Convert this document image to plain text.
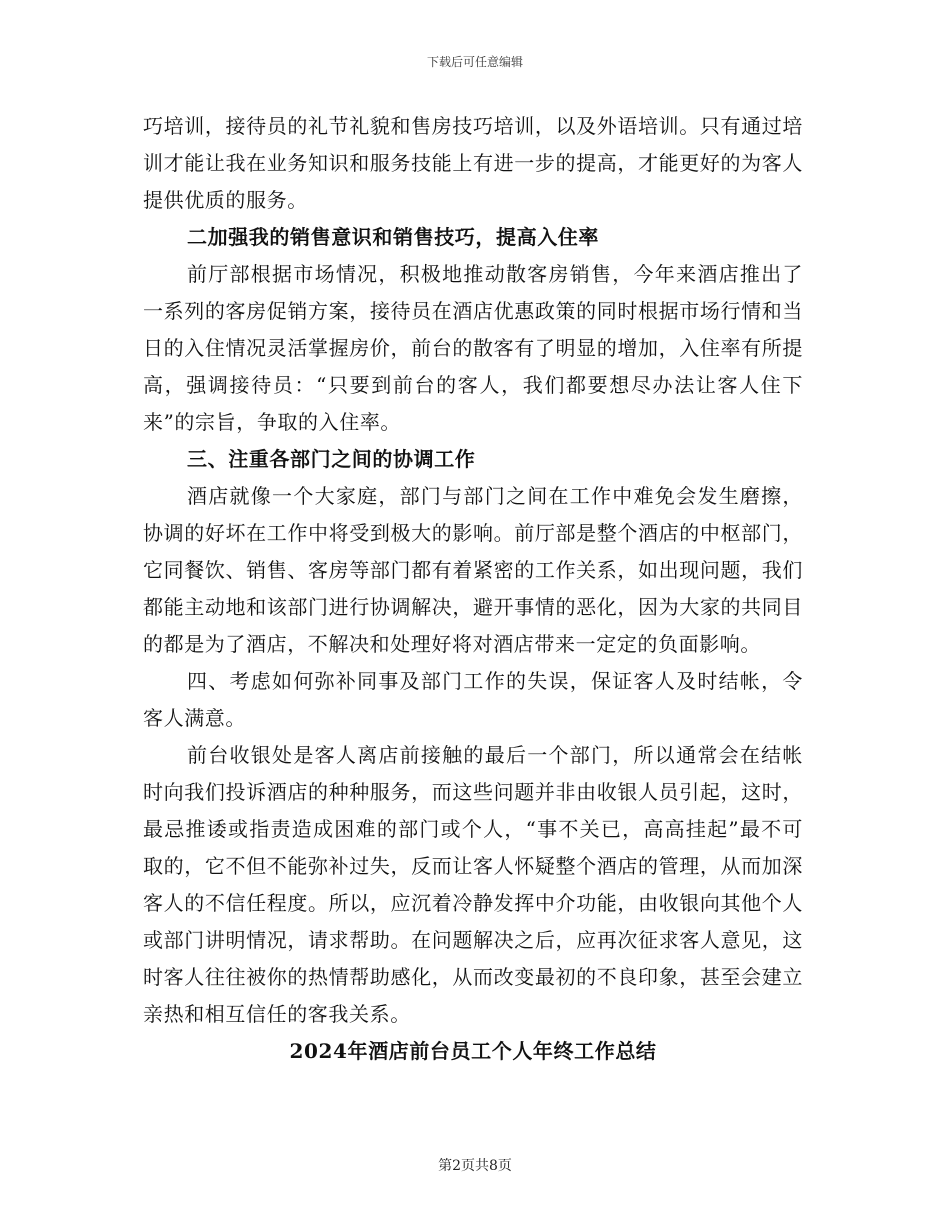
下载后可任意编辑

巧培训，接待员的礼节礼貌和售房技巧培训，以及外语培训。只有通过培训才能让我在业务知识和服务技能上有进一步的提高，才能更好的为客人提供优质的服务。

二加强我的销售意识和销售技巧，提高入住率

前厅部根据市场情况，积极地推动散客房销售，今年来酒店推出了一系列的客房促销方案，接待员在酒店优惠政策的同时根据市场行情和当日的入住情况灵活掌握房价，前台的散客有了明显的增加，入住率有所提高，强调接待员：“只要到前台的客人，我们都要想尽办法让客人住下来”的宗旨，争取的入住率。

三、注重各部门之间的协调工作

酒店就像一个大家庭，部门与部门之间在工作中难免会发生磨擦，协调的好坏在工作中将受到极大的影响。前厅部是整个酒店的中枢部门，它同餐饮、销售、客房等部门都有着紧密的工作关系，如出现问题，我们都能主动地和该部门进行协调解决，避开事情的恶化，因为大家的共同目的都是为了酒店，不解决和处理好将对酒店带来一定定的负面影响。

四、考虑如何弥补同事及部门工作的失误，保证客人及时结帐，令客人满意。

前台收银处是客人离店前接触的最后一个部门，所以通常会在结帐时向我们投诉酒店的种种服务，而这些问题并非由收银人员引起，这时，最忌推诿或指责造成困难的部门或个人，“事不关已，高高挂起”最不可取的，它不但不能弥补过失，反而让客人怀疑整个酒店的管理，从而加深客人的不信任程度。所以，应沉着冷静发挥中介功能，由收银向其他个人或部门讲明情况，请求帮助。在问题解决之后，应再次征求客人意见，这时客人往往被你的热情帮助感化，从而改变最初的不良印象，甚至会建立亲热和相互信任的客我关系。

2024年酒店前台员工个人年终工作总结

第2页共8页
